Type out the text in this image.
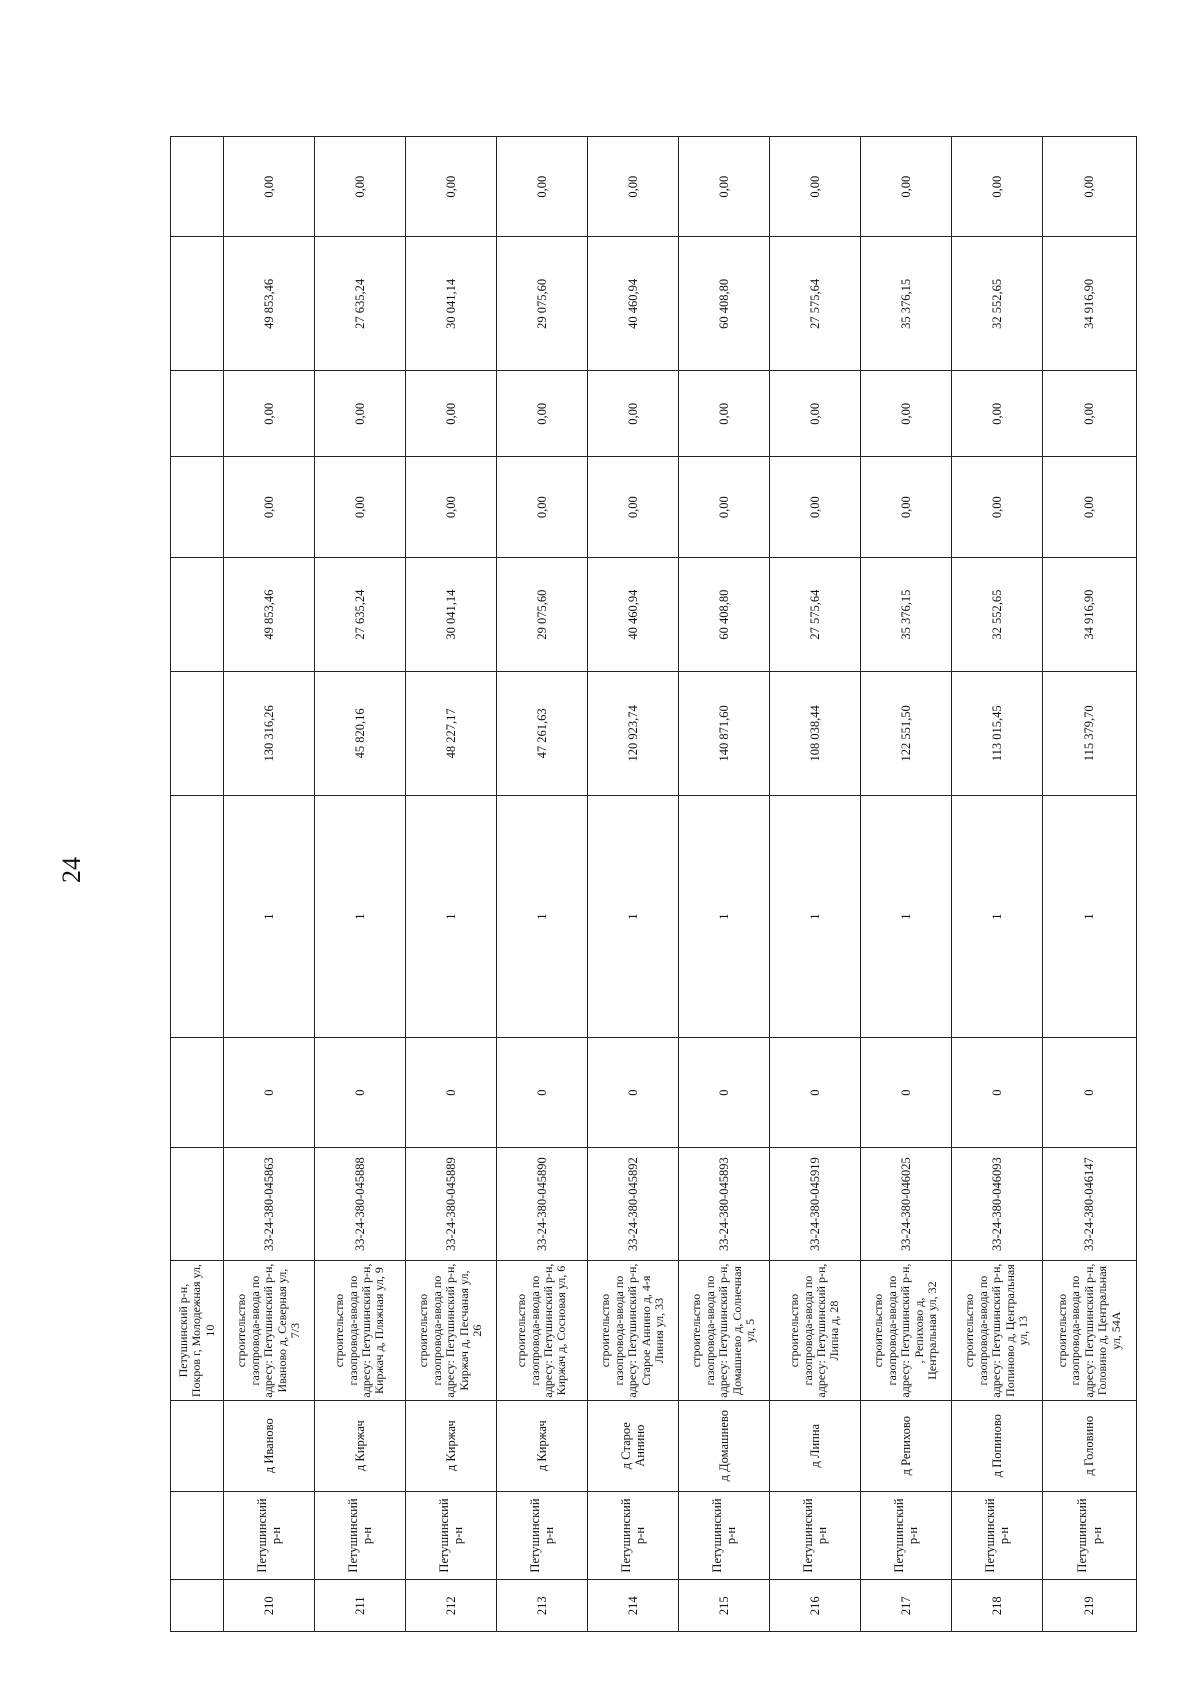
24
			Петушинский р-н, Покров г, Молодежная ул, 10									
210	Петушинский р-н	д Иваново	строительство газопровода-ввода по адресу: Петушинский р-н, Иваново д, Северная ул, 7/3	33-24-380-045863	0	1	130 316,26	49 853,46	0,00	0,00	49 853,46	0,00
211	Петушинский р-н	д Киржач	строительство газопровода-ввода по адресу: Петушинский р-н, Киржач д, Пляжная ул, 9	33-24-380-045888	0	1	45 820,16	27 635,24	0,00	0,00	27 635,24	0,00
212	Петушинский р-н	д Киржач	строительство газопровода-ввода по адресу: Петушинский р-н, Киржач д, Песчаная ул, 26	33-24-380-045889	0	1	48 227,17	30 041,14	0,00	0,00	30 041,14	0,00
213	Петушинский р-н	д Киржач	строительство газопровода-ввода по адресу: Петушинский р-н, Киржач д, Сосновая ул, 6	33-24-380-045890	0	1	47 261,63	29 075,60	0,00	0,00	29 075,60	0,00
214	Петушинский р-н	д Старое Аннино	строительство газопровода-ввода по адресу: Петушинский р-н, Старое Аннино д, 4-я Линия ул, 33	33-24-380-045892	0	1	120 923,74	40 460,94	0,00	0,00	40 460,94	0,00
215	Петушинский р-н	д Домашнево	строительство газопровода-ввода по адресу: Петушинский р-н, Домашнево д, Солнечная ул, 5	33-24-380-045893	0	1	140 871,60	60 408,80	0,00	0,00	60 408,80	0,00
216	Петушинский р-н	д Липна	строительство газопровода-ввода по адресу: Петушинский р-н, Липна д, 28	33-24-380-045919	0	1	108 038,44	27 575,64	0,00	0,00	27 575,64	0,00
217	Петушинский р-н	д Репихово	строительство газопровода-ввода по адресу: Петушинский р-н, , Репихово д, Центральная ул, 32	33-24-380-046025	0	1	122 551,50	35 376,15	0,00	0,00	35 376,15	0,00
218	Петушинский р-н	д Попиново	строительство газопровода-ввода по адресу: Петушинский р-н, Попиново д, Центральная ул, 13	33-24-380-046093	0	1	113 015,45	32 552,65	0,00	0,00	32 552,65	0,00
219	Петушинский р-н	д Головино	строительство газопровода-ввода по адресу: Петушинский р-н, Головино д, Центральная ул, 54А	33-24-380-046147	0	1	115 379,70	34 916,90	0,00	0,00	34 916,90	0,00
